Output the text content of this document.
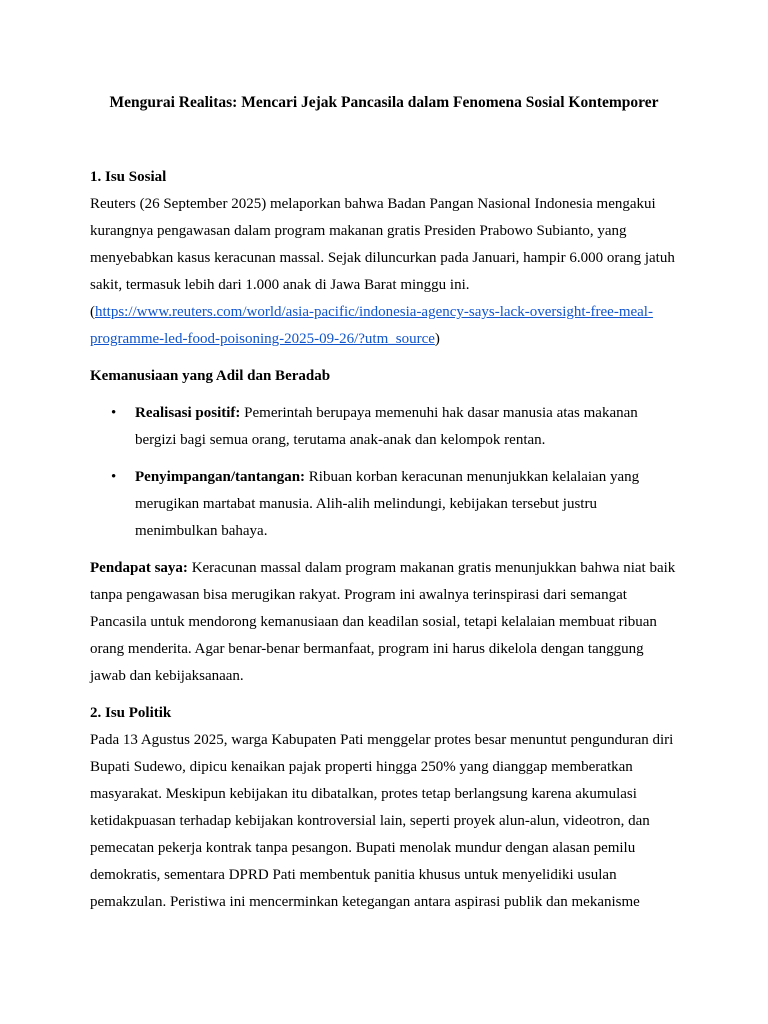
Mengurai Realitas: Mencari Jejak Pancasila dalam Fenomena Sosial Kontemporer

1. Isu Sosial

Reuters (26 September 2025) melaporkan bahwa Badan Pangan Nasional Indonesia mengakui kurangnya pengawasan dalam program makanan gratis Presiden Prabowo Subianto, yang menyebabkan kasus keracunan massal. Sejak diluncurkan pada Januari, hampir 6.000 orang jatuh sakit, termasuk lebih dari 1.000 anak di Jawa Barat minggu ini.
(https://www.reuters.com/world/asia-pacific/indonesia-agency-says-lack-oversight-free-meal-programme-led-food-poisoning-2025-09-26/?utm_source)

Kemanusiaan yang Adil dan Beradab

• Realisasi positif: Pemerintah berupaya memenuhi hak dasar manusia atas makanan bergizi bagi semua orang, terutama anak-anak dan kelompok rentan.
• Penyimpangan/tantangan: Ribuan korban keracunan menunjukkan kelalaian yang merugikan martabat manusia. Alih-alih melindungi, kebijakan tersebut justru menimbulkan bahaya.

Pendapat saya: Keracunan massal dalam program makanan gratis menunjukkan bahwa niat baik tanpa pengawasan bisa merugikan rakyat. Program ini awalnya terinspirasi dari semangat Pancasila untuk mendorong kemanusiaan dan keadilan sosial, tetapi kelalaian membuat ribuan orang menderita. Agar benar-benar bermanfaat, program ini harus dikelola dengan tanggung jawab dan kebijaksanaan.

2. Isu Politik

Pada 13 Agustus 2025, warga Kabupaten Pati menggelar protes besar menuntut pengunduran diri Bupati Sudewo, dipicu kenaikan pajak properti hingga 250% yang dianggap memberatkan masyarakat. Meskipun kebijakan itu dibatalkan, protes tetap berlangsung karena akumulasi ketidakpuasan terhadap kebijakan kontroversial lain, seperti proyek alun-alun, videotron, dan pemecatan pekerja kontrak tanpa pesangon. Bupati menolak mundur dengan alasan pemilu demokratis, sementara DPRD Pati membentuk panitia khusus untuk menyelidiki usulan pemakzulan. Peristiwa ini mencerminkan ketegangan antara aspirasi publik dan mekanisme
